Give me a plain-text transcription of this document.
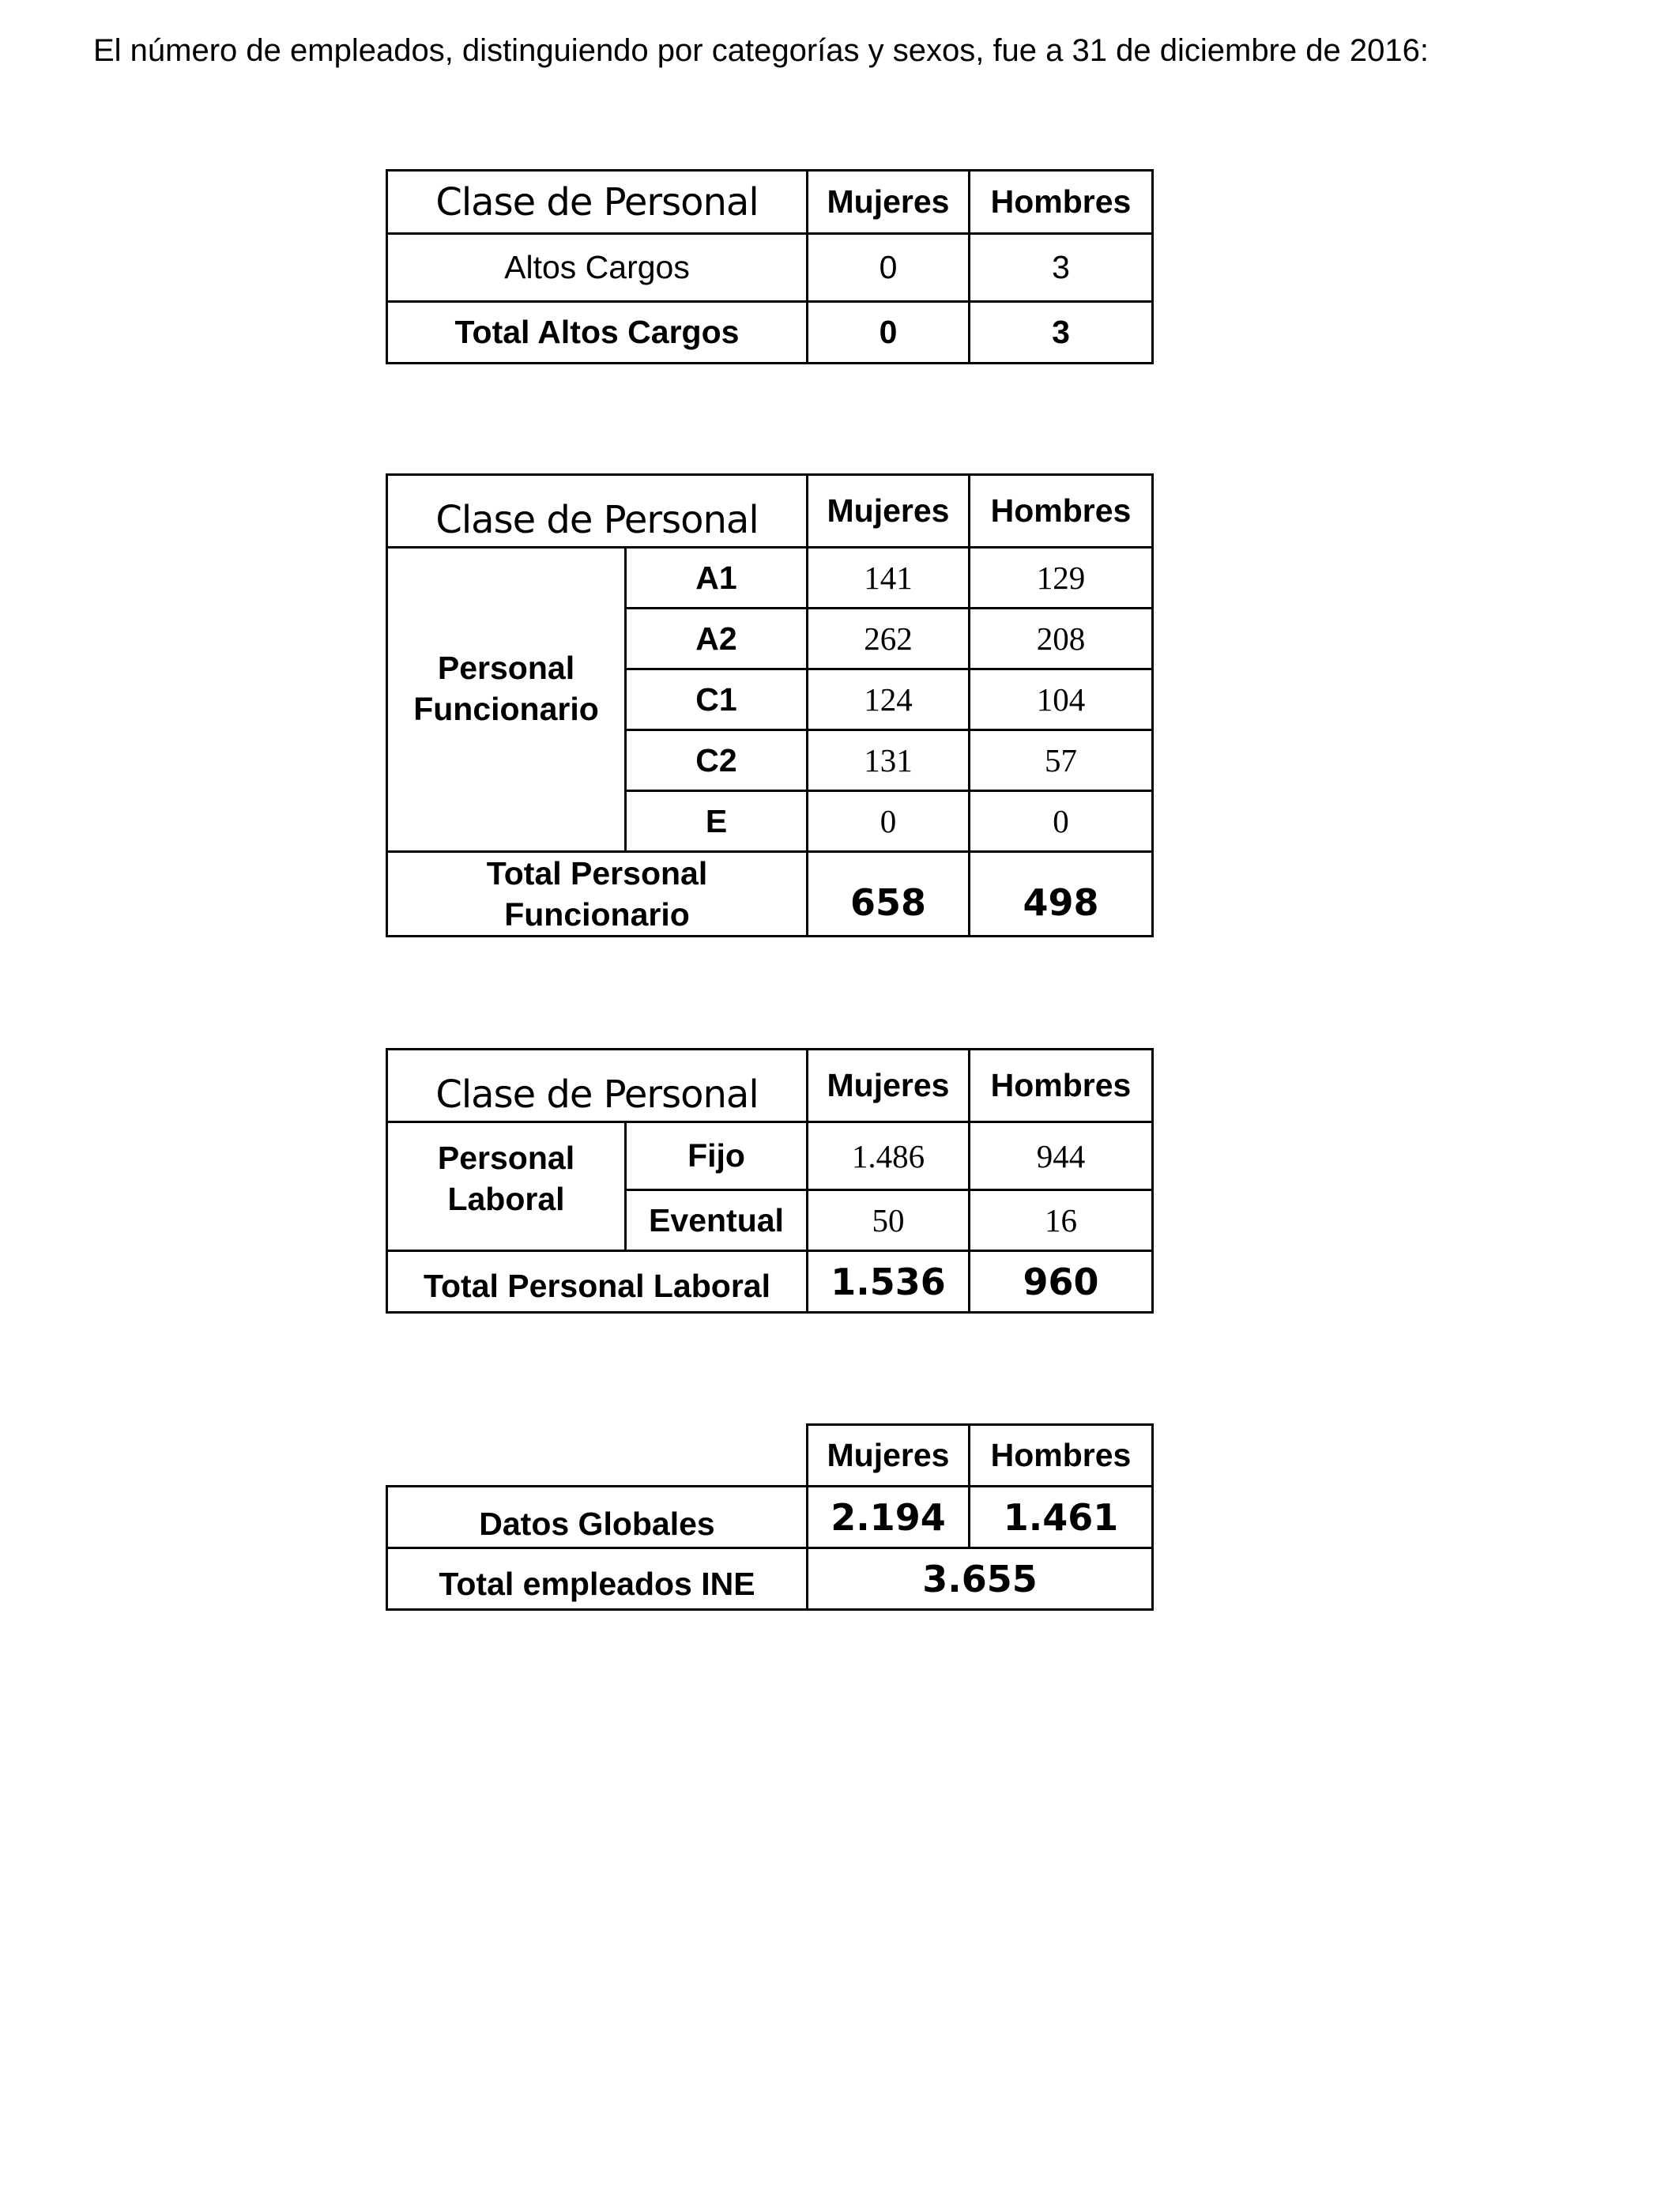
El número de empleados, distinguiendo por categorías y sexos, fue a 31 de diciembre de 2016:

Clase de Personal	Mujeres	Hombres
Altos Cargos	0	3
Total Altos Cargos	0	3
Clase de Personal		Mujeres	Hombres
Personal
Funcionario	A1	141	129
	A2	262	208
	C1	124	104
	C2	131	57
	E	0	0
Total Personal
Funcionario		658	498
Clase de Personal		Mujeres	Hombres
Personal
Laboral	Fijo	1.486	944
	Eventual	50	16
Total Personal Laboral		1.536	960
	Mujeres	Hombres
Datos Globales	2.194	1.461
Total empleados INE	3.655	
